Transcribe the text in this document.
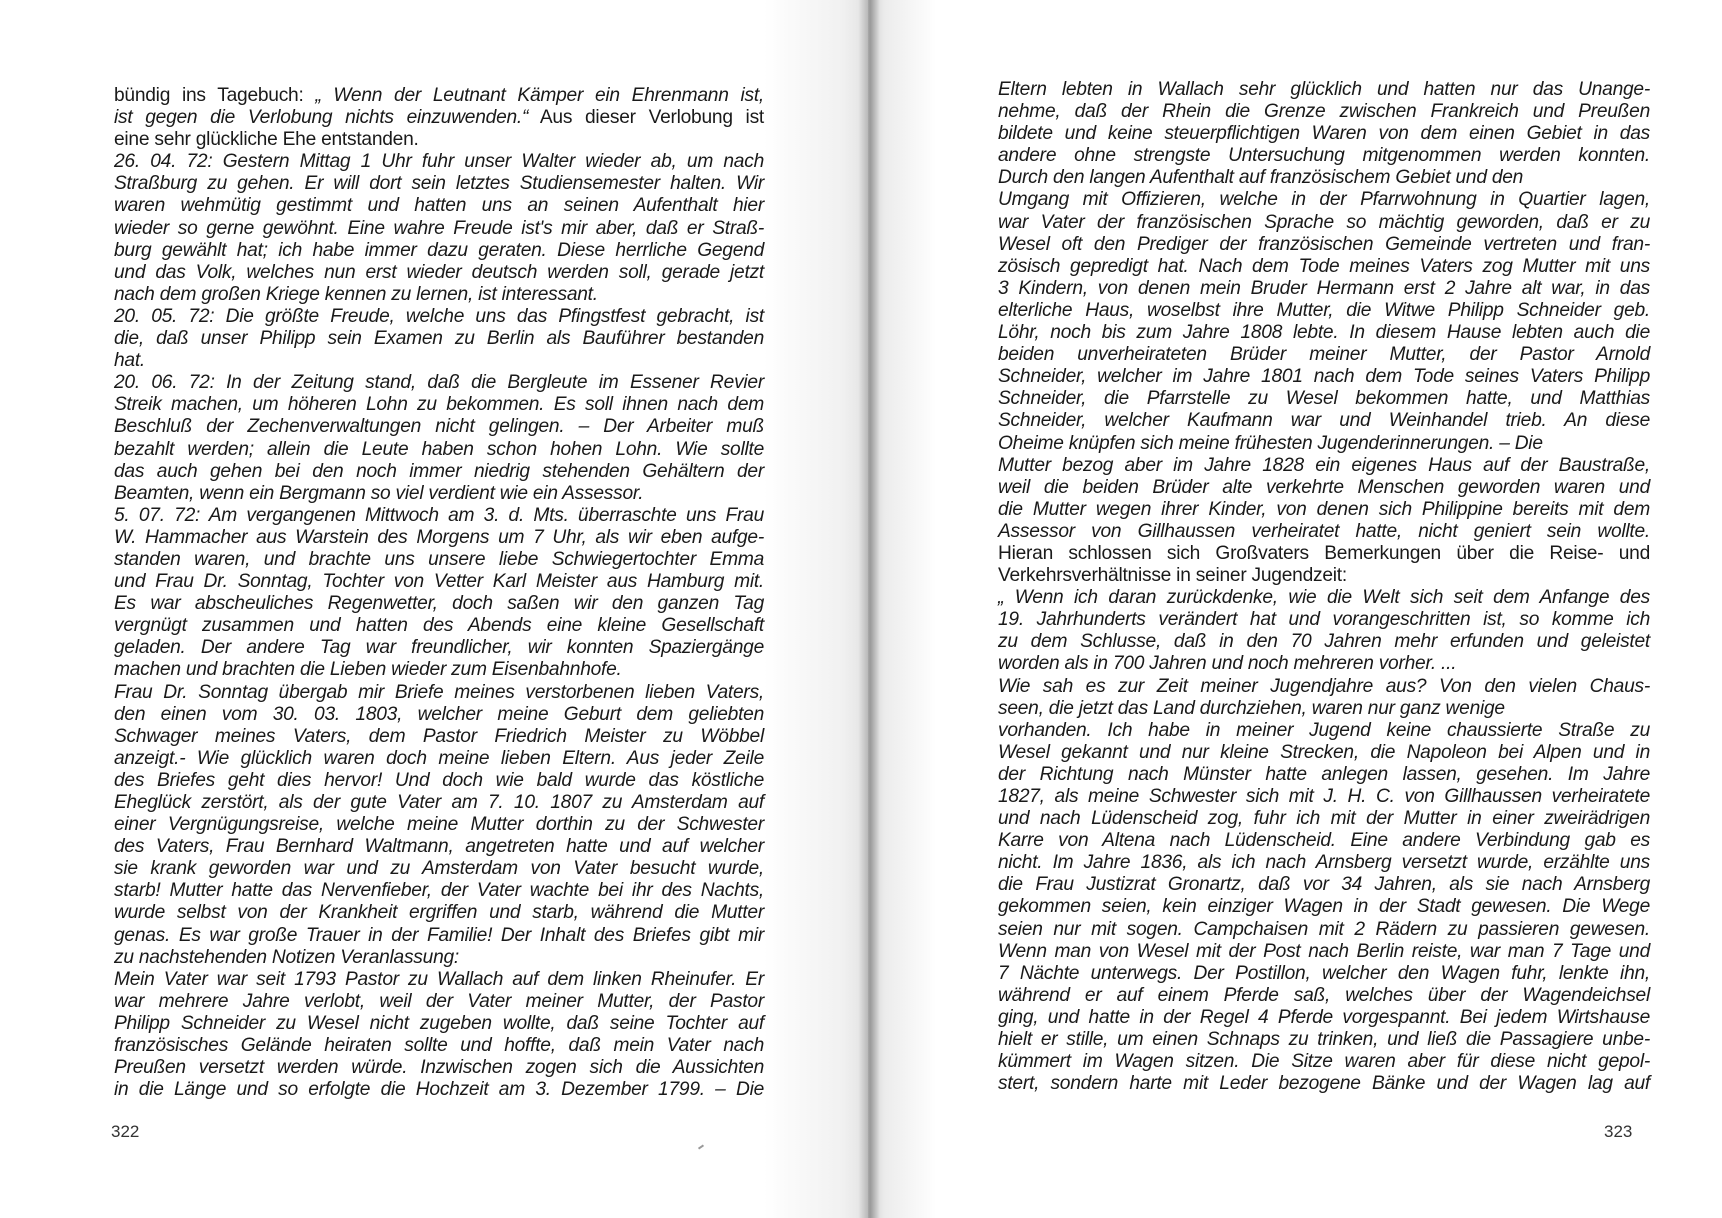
bündig ins Tagebuch: „ Wenn der Leutnant Kämper ein Ehrenmann ist,
ist gegen die Verlobung nichts einzuwenden.“ Aus dieser Verlobung ist
eine sehr glückliche Ehe entstanden.
26. 04. 72: Gestern Mittag 1 Uhr fuhr unser Walter wieder ab, um nach
Straßburg zu gehen. Er will dort sein letztes Studiensemester halten. Wir
waren wehmütig gestimmt und hatten uns an seinen Aufenthalt hier
wieder so gerne gewöhnt. Eine wahre Freude ist's mir aber, daß er Straß-
burg gewählt hat; ich habe immer dazu geraten. Diese herrliche Gegend
und das Volk, welches nun erst wieder deutsch werden soll, gerade jetzt
nach dem großen Kriege kennen zu lernen, ist interessant.
20. 05. 72: Die größte Freude, welche uns das Pfingstfest gebracht, ist
die, daß unser Philipp sein Examen zu Berlin als Bauführer bestanden
hat.
20. 06. 72: In der Zeitung stand, daß die Bergleute im Essener Revier
Streik machen, um höheren Lohn zu bekommen. Es soll ihnen nach dem
Beschluß der Zechenverwaltungen nicht gelingen. – Der Arbeiter muß
bezahlt werden; allein die Leute haben schon hohen Lohn. Wie sollte
das auch gehen bei den noch immer niedrig stehenden Gehältern der
Beamten, wenn ein Bergmann so viel verdient wie ein Assessor.
5. 07. 72: Am vergangenen Mittwoch am 3. d. Mts. überraschte uns Frau
W. Hammacher aus Warstein des Morgens um 7 Uhr, als wir eben aufge-
standen waren, und brachte uns unsere liebe Schwiegertochter Emma
und Frau Dr. Sonntag, Tochter von Vetter Karl Meister aus Hamburg mit.
Es war abscheuliches Regenwetter, doch saßen wir den ganzen Tag
vergnügt zusammen und hatten des Abends eine kleine Gesellschaft
geladen. Der andere Tag war freundlicher, wir konnten Spaziergänge
machen und brachten die Lieben wieder zum Eisenbahnhofe.
Frau Dr. Sonntag übergab mir Briefe meines verstorbenen lieben Vaters,
den einen vom 30. 03. 1803, welcher meine Geburt dem geliebten
Schwager meines Vaters, dem Pastor Friedrich Meister zu Wöbbel
anzeigt.- Wie glücklich waren doch meine lieben Eltern. Aus jeder Zeile
des Briefes geht dies hervor! Und doch wie bald wurde das köstliche
Eheglück zerstört, als der gute Vater am 7. 10. 1807 zu Amsterdam auf
einer Vergnügungsreise, welche meine Mutter dorthin zu der Schwester
des Vaters, Frau Bernhard Waltmann, angetreten hatte und auf welcher
sie krank geworden war und zu Amsterdam von Vater besucht wurde,
starb! Mutter hatte das Nervenfieber, der Vater wachte bei ihr des Nachts,
wurde selbst von der Krankheit ergriffen und starb, während die Mutter
genas. Es war große Trauer in der Familie! Der Inhalt des Briefes gibt mir
zu nachstehenden Notizen Veranlassung:
Mein Vater war seit 1793 Pastor zu Wallach auf dem linken Rheinufer. Er
war mehrere Jahre verlobt, weil der Vater meiner Mutter, der Pastor
Philipp Schneider zu Wesel nicht zugeben wollte, daß seine Tochter auf
französisches Gelände heiraten sollte und hoffte, daß mein Vater nach
Preußen versetzt werden würde. Inzwischen zogen sich die Aussichten
in die Länge und so erfolgte die Hochzeit am 3. Dezember 1799. – Die
322
Eltern lebten in Wallach sehr glücklich und hatten nur das Unange-
nehme, daß der Rhein die Grenze zwischen Frankreich und Preußen
bildete und keine steuerpflichtigen Waren von dem einen Gebiet in das
andere ohne strengste Untersuchung mitgenommen werden konnten.
Durch den langen Aufenthalt auf französischem Gebiet und den
Umgang mit Offizieren, welche in der Pfarrwohnung in Quartier lagen,
war Vater der französischen Sprache so mächtig geworden, daß er zu
Wesel oft den Prediger der französischen Gemeinde vertreten und fran-
zösisch gepredigt hat. Nach dem Tode meines Vaters zog Mutter mit uns
3 Kindern, von denen mein Bruder Hermann erst 2 Jahre alt war, in das
elterliche Haus, woselbst ihre Mutter, die Witwe Philipp Schneider geb.
Löhr, noch bis zum Jahre 1808 lebte. In diesem Hause lebten auch die
beiden unverheirateten Brüder meiner Mutter, der Pastor Arnold
Schneider, welcher im Jahre 1801 nach dem Tode seines Vaters Philipp
Schneider, die Pfarrstelle zu Wesel bekommen hatte, und Matthias
Schneider, welcher Kaufmann war und Weinhandel trieb. An diese
Oheime knüpfen sich meine frühesten Jugenderinnerungen. – Die
Mutter bezog aber im Jahre 1828 ein eigenes Haus auf der Baustraße,
weil die beiden Brüder alte verkehrte Menschen geworden waren und
die Mutter wegen ihrer Kinder, von denen sich Philippine bereits mit dem
Assessor von Gillhaussen verheiratet hatte, nicht geniert sein wollte.
Hieran schlossen sich Großvaters Bemerkungen über die Reise- und
Verkehrsverhältnisse in seiner Jugendzeit:
„ Wenn ich daran zurückdenke, wie die Welt sich seit dem Anfange des
19. Jahrhunderts verändert hat und vorangeschritten ist, so komme ich
zu dem Schlusse, daß in den 70 Jahren mehr erfunden und geleistet
worden als in 700 Jahren und noch mehreren vorher. ...
Wie sah es zur Zeit meiner Jugendjahre aus? Von den vielen Chaus-
seen, die jetzt das Land durchziehen, waren nur ganz wenige
vorhanden. Ich habe in meiner Jugend keine chaussierte Straße zu
Wesel gekannt und nur kleine Strecken, die Napoleon bei Alpen und in
der Richtung nach Münster hatte anlegen lassen, gesehen. Im Jahre
1827, als meine Schwester sich mit J. H. C. von Gillhaussen verheiratete
und nach Lüdenscheid zog, fuhr ich mit der Mutter in einer zweirädrigen
Karre von Altena nach Lüdenscheid. Eine andere Verbindung gab es
nicht. Im Jahre 1836, als ich nach Arnsberg versetzt wurde, erzählte uns
die Frau Justizrat Gronartz, daß vor 34 Jahren, als sie nach Arnsberg
gekommen seien, kein einziger Wagen in der Stadt gewesen. Die Wege
seien nur mit sogen. Campchaisen mit 2 Rädern zu passieren gewesen.
Wenn man von Wesel mit der Post nach Berlin reiste, war man 7 Tage und
7 Nächte unterwegs. Der Postillon, welcher den Wagen fuhr, lenkte ihn,
während er auf einem Pferde saß, welches über der Wagendeichsel
ging, und hatte in der Regel 4 Pferde vorgespannt. Bei jedem Wirtshause
hielt er stille, um einen Schnaps zu trinken, und ließ die Passagiere unbe-
kümmert im Wagen sitzen. Die Sitze waren aber für diese nicht gepol-
stert, sondern harte mit Leder bezogene Bänke und der Wagen lag auf
323
